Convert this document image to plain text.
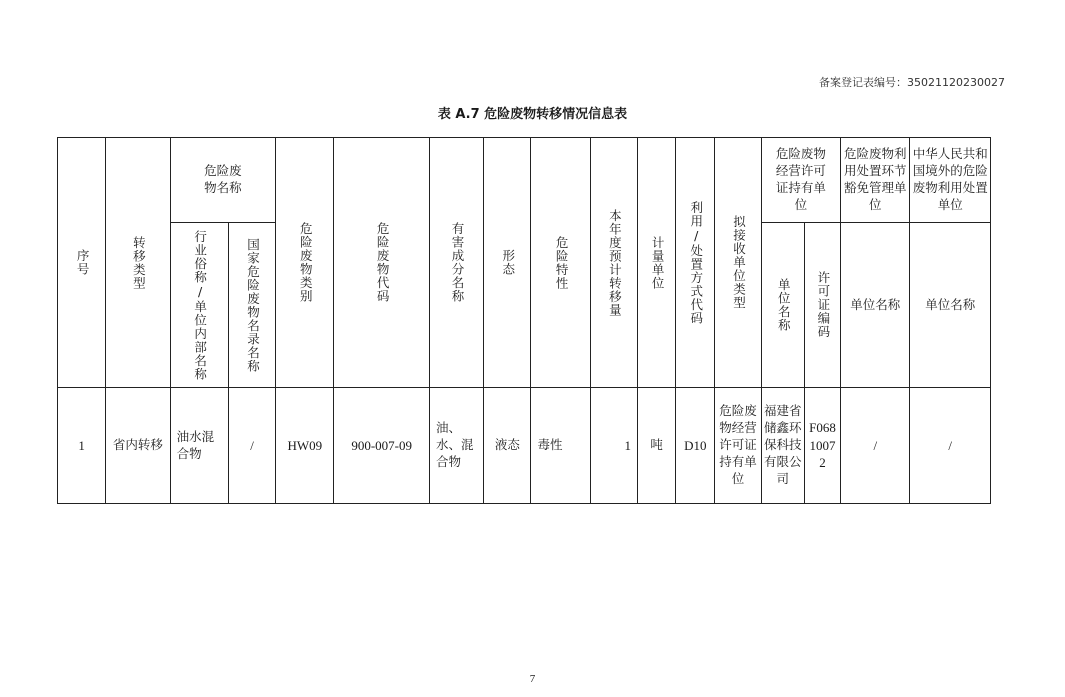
备案登记表编号：35021120230027
表 A.7 危险废物转移情况信息表
序号	转移类型	危险废物名称		危险废物类别	危险废物代码	有害成分名称	形态	危险特性	本年度预计转移量	计量单位	利用/处置方式代码	拟接收单位类型	危险废物经营许可证持有单位		危险废物利用处置环节豁免管理单位	中华人民共和国境外的危险废物利用处置单位

		行业俗称/单位内部名称	国家危险废物名录名称										单位名称	许可证编码	单位名称	单位名称
1	省内转移	油水混合物	/	HW09	900-007-09	油、水、混合物	液态	毒性	1	吨	D10	危险废物经营许可证持有单位	福建省储鑫环保科技有限公司	F06810072	/	/
7
